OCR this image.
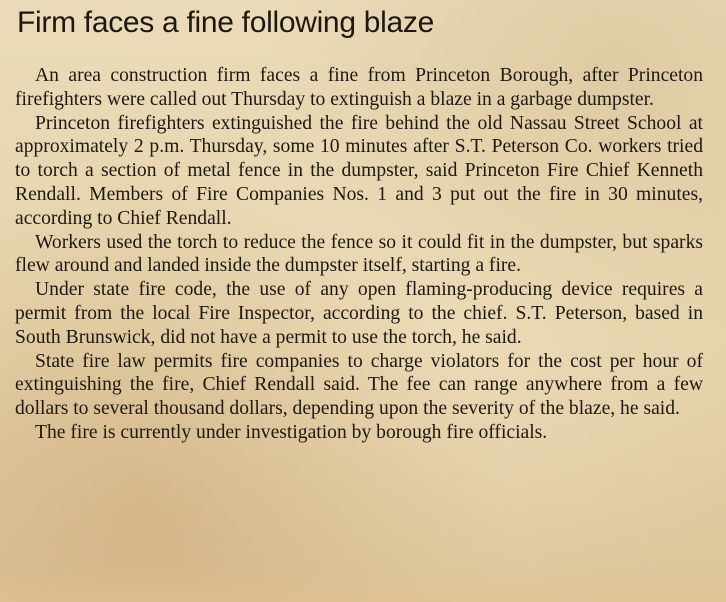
Firm faces a fine following blaze

An area construction firm faces a fine from Princeton Borough, after Princeton firefighters were called out Thursday to extinguish a blaze in a garbage dumpster.

Princeton firefighters extinguished the fire behind the old Nassau Street School at approximately 2 p.m. Thursday, some 10 minutes after S.T. Peterson Co. workers tried to torch a section of metal fence in the dumpster, said Princeton Fire Chief Kenneth Rendall. Members of Fire Companies Nos. 1 and 3 put out the fire in 30 minutes, according to Chief Rendall.

Workers used the torch to reduce the fence so it could fit in the dumpster, but sparks flew around and landed inside the dumpster itself, starting a fire.

Under state fire code, the use of any open flaming-producing device requires a permit from the local Fire Inspector, according to the chief. S.T. Peterson, based in South Brunswick, did not have a permit to use the torch, he said.

State fire law permits fire companies to charge violators for the cost per hour of extinguishing the fire, Chief Rendall said. The fee can range anywhere from a few dollars to several thousand dollars, depending upon the severity of the blaze, he said.

The fire is currently under investigation by borough fire officials.
